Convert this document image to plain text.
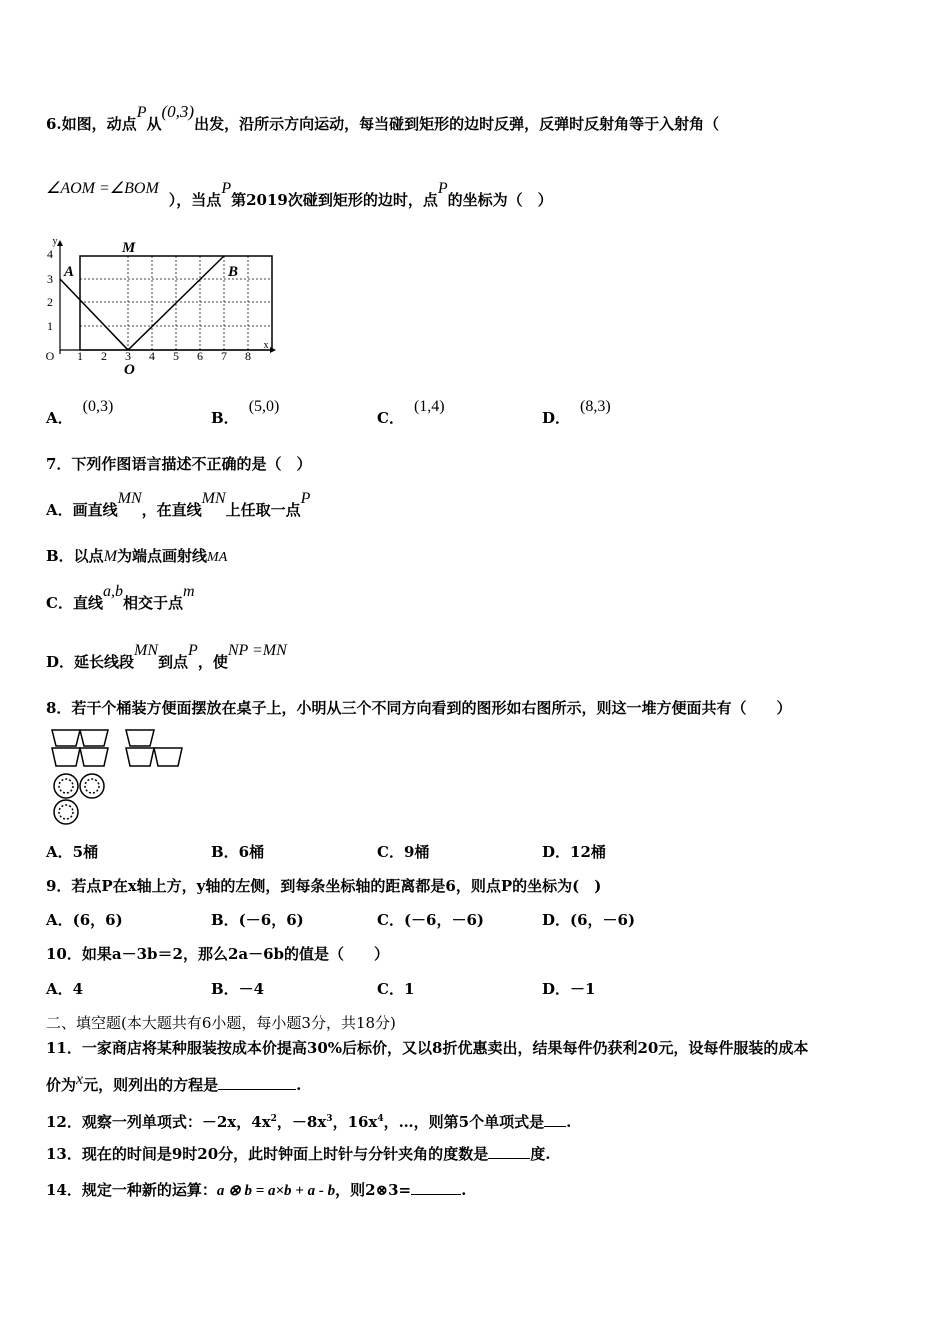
6.如图，动点P从(0,3)出发，沿所示方向运动，每当碰到矩形的边时反弹，反弹时反射角等于入射角（
∠AOM =∠BOM），当点P第2019次碰到矩形的边时，点P的坐标为（　）
4
3
2
1
O 1 2 3 4 5 6 7 8
x
y
A	B
M
O
A．(0,3)
B．(5,0)
C．(1,4)
D．(8,3)
7．下列作图语言描述不正确的是（　）
A．画直线MN，在直线MN上任取一点P
B．以点M为端点画射线MA
C．直线a,b相交于点m
D．延长线段MN到点P，使NP =MN
8．若干个桶装方便面摆放在桌子上，小明从三个不同方向看到的图形如右图所示，则这一堆方便面共有（　　）
A．5桶	B．6桶	C．9桶	D．12桶
9．若点P在x轴上方，y轴的左侧，到每条坐标轴的距离都是6，则点P的坐标为(　)
A．(6，6)	B．(－6，6)	C．(－6，－6)	D．(6，－6)
10．如果a－3b＝2，那么2a－6b的值是（　　）
A．4	B．－4	C．1	D．－1
二、填空题(本大题共有6小题，每小题3分，共18分)
11．一家商店将某种服装按成本价提高30%后标价，又以8折优惠卖出，结果每件仍获利20元，设每件服装的成本
价为x元，则列出的方程是	.
12．观察一列单项式：－2x，$4x^2$，$-8x^3$，$16x^4$，…，则第5个单项式是 .
13．现在的时间是9时20分，此时钟面上时针与分针夹角的度数是	度.
14．规定一种新的运算：a ⊗ b = a×b + a - b，则2⊗3=	.
